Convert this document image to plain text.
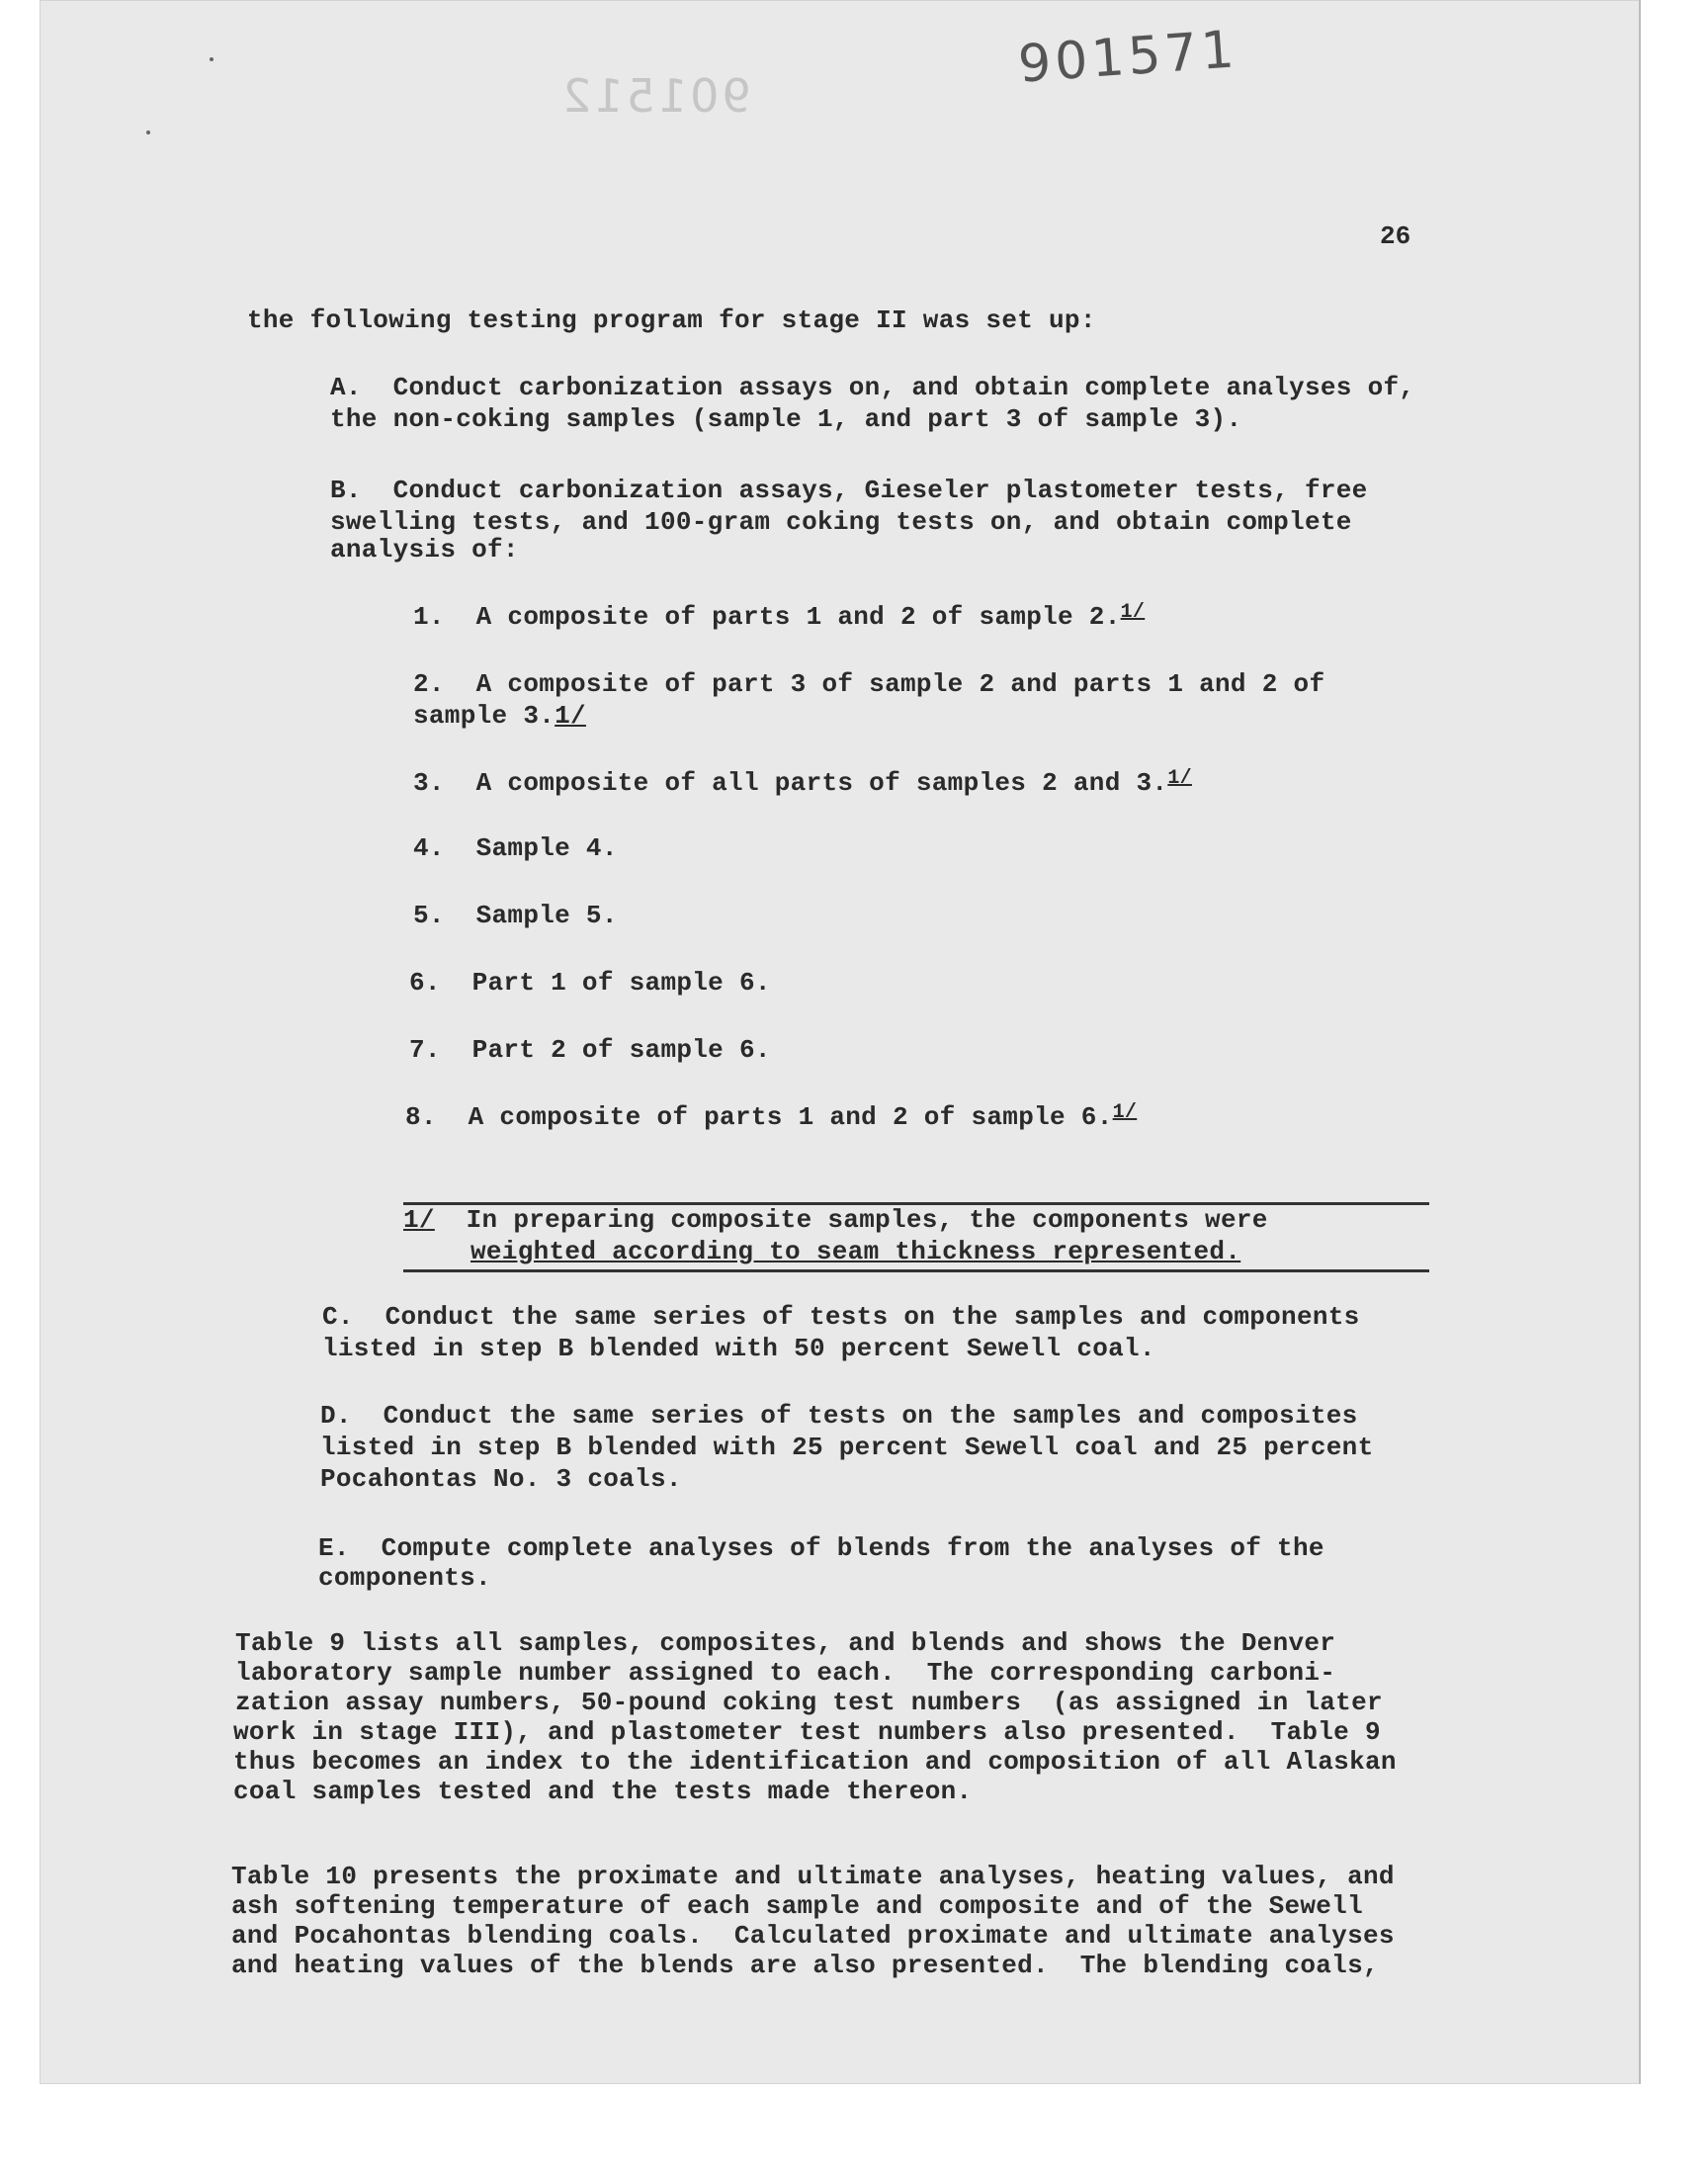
901512
901571
26
the following testing program for stage II was set up:
A.  Conduct carbonization assays on, and obtain complete analyses of,
the non-coking samples (sample 1, and part 3 of sample 3).
B.  Conduct carbonization assays, Gieseler plastometer tests, free
swelling tests, and 100-gram coking tests on, and obtain complete
analysis of:
1.  A composite of parts 1 and 2 of sample 2.$^{1/}$
2.  A composite of part 3 of sample 2 and parts 1 and 2 of
sample 3.1/
3.  A composite of all parts of samples 2 and 3.$^{1/}$
4.  Sample 4.
5.  Sample 5.
6.  Part 1 of sample 6.
7.  Part 2 of sample 6.
8.  A composite of parts 1 and 2 of sample 6.$^{1/}$
1/ In preparing composite samples, the components were
weighted according to seam thickness represented.
C.  Conduct the same series of tests on the samples and components
listed in step B blended with 50 percent Sewell coal.
D.  Conduct the same series of tests on the samples and composites
listed in step B blended with 25 percent Sewell coal and 25 percent
Pocahontas No. 3 coals.
E.  Compute complete analyses of blends from the analyses of the
components.
Table 9 lists all samples, composites, and blends and shows the Denver
laboratory sample number assigned to each.  The corresponding carboni-
zation assay numbers, 50-pound coking test numbers  (as assigned in later
work in stage III), and plastometer test numbers also presented.  Table 9
thus becomes an index to the identification and composition of all Alaskan
coal samples tested and the tests made thereon.
Table 10 presents the proximate and ultimate analyses, heating values, and
ash softening temperature of each sample and composite and of the Sewell
and Pocahontas blending coals.  Calculated proximate and ultimate analyses
and heating values of the blends are also presented.  The blending coals,
